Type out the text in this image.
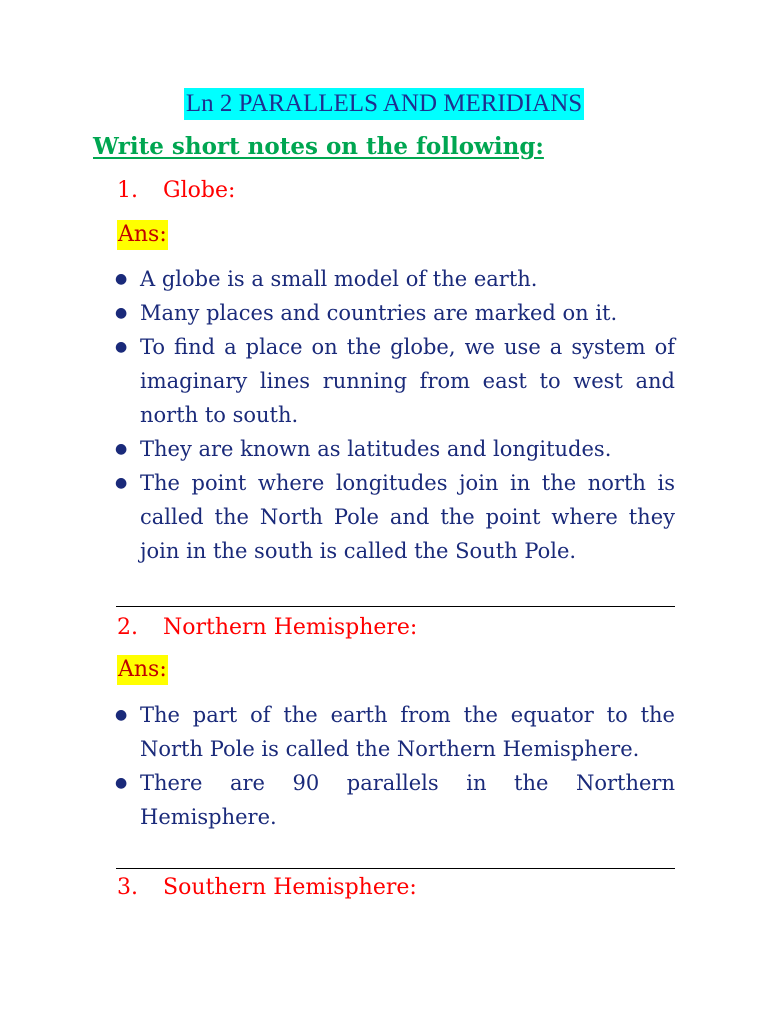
Ln 2 PARALLELS AND MERIDIANS
Write short notes on the following:
1. Globe:
Ans:
● A globe is a small model of the earth.
● Many places and countries are marked on it.
● To find a place on the globe, we use a system of imaginary lines running from east to west and north to south.
● They are known as latitudes and longitudes.
● The point where longitudes join in the north is called the North Pole and the point where they join in the south is called the South Pole.
2. Northern Hemisphere:
Ans:
● The part of the earth from the equator to the North Pole is called the Northern Hemisphere.
● There are 90 parallels in the Northern Hemisphere.
3. Southern Hemisphere:
